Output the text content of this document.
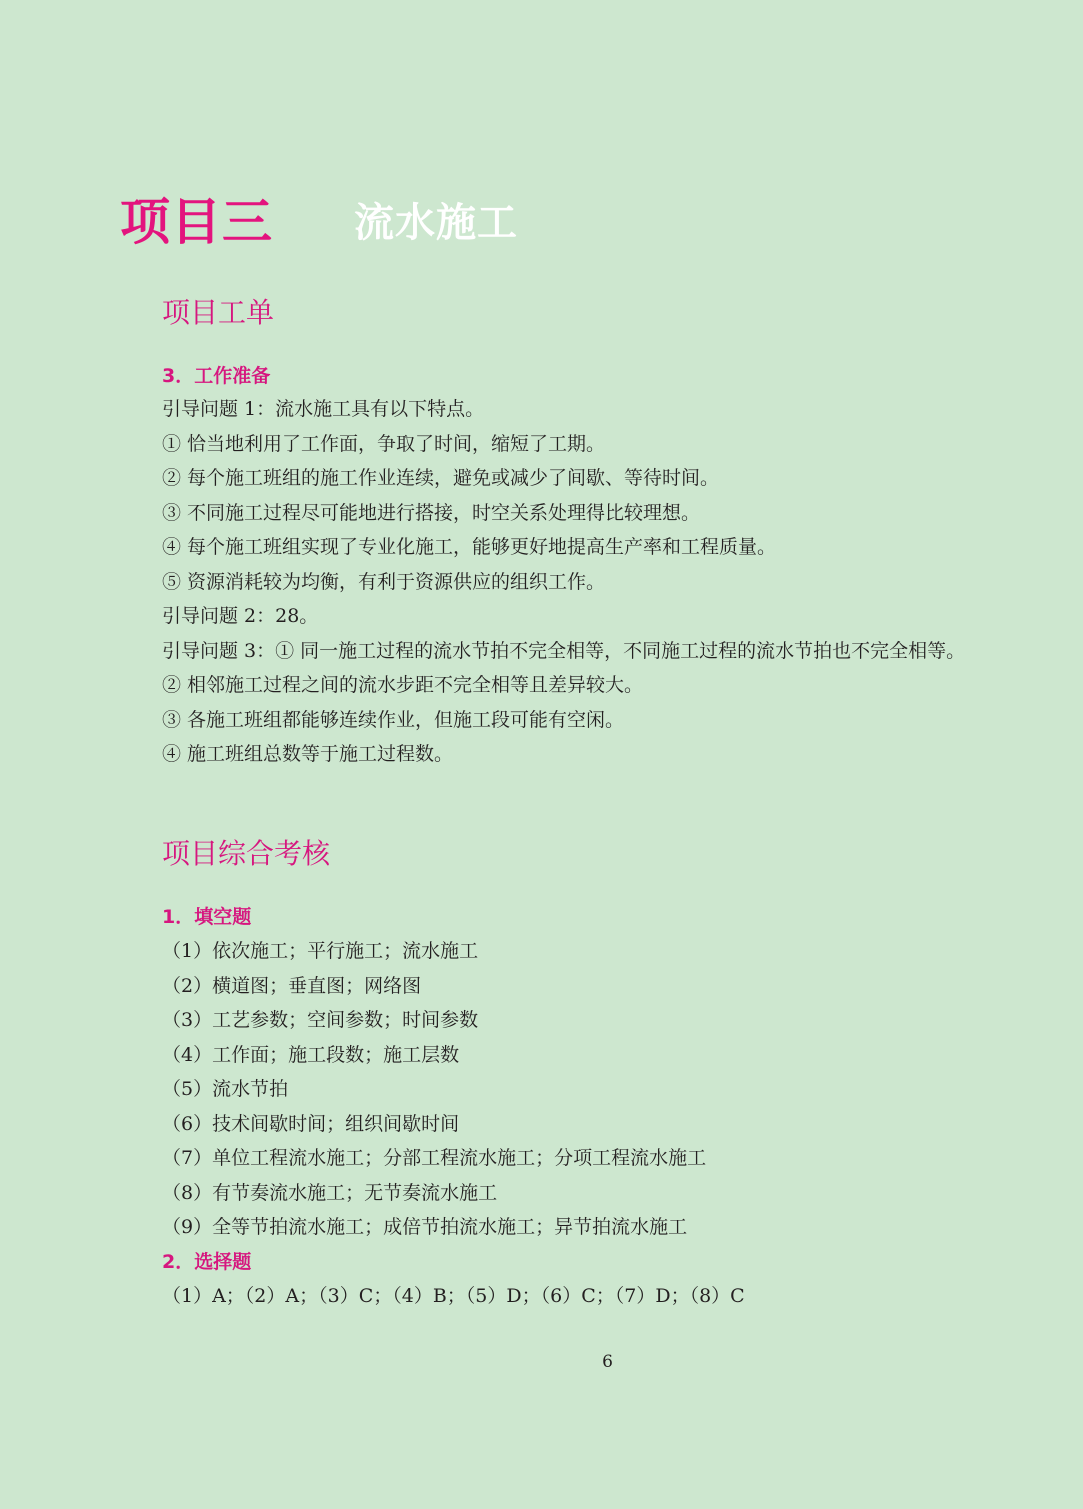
项目三 流水施工
项目工单
3．工作准备

引导问题 1：流水施工具有以下特点。

① 恰当地利用了工作面，争取了时间，缩短了工期。

② 每个施工班组的施工作业连续，避免或减少了间歇、等待时间。

③ 不同施工过程尽可能地进行搭接，时空关系处理得比较理想。

④ 每个施工班组实现了专业化施工，能够更好地提高生产率和工程质量。

⑤ 资源消耗较为均衡，有利于资源供应的组织工作。

引导问题 2：28。

引导问题 3：① 同一施工过程的流水节拍不完全相等，不同施工过程的流水节拍也不完全相等。

② 相邻施工过程之间的流水步距不完全相等且差异较大。

③ 各施工班组都能够连续作业，但施工段可能有空闲。

④ 施工班组总数等于施工过程数。

项目综合考核
1．填空题

（1）依次施工；平行施工；流水施工

（2）横道图；垂直图；网络图

（3）工艺参数；空间参数；时间参数

（4）工作面；施工段数；施工层数

（5）流水节拍

（6）技术间歇时间；组织间歇时间

（7）单位工程流水施工；分部工程流水施工；分项工程流水施工

（8）有节奏流水施工；无节奏流水施工

（9）全等节拍流水施工；成倍节拍流水施工；异节拍流水施工

2．选择题

（1）A；（2）A；（3）C；（4）B；（5）D；（6）C；（7）D；（8）C

6
